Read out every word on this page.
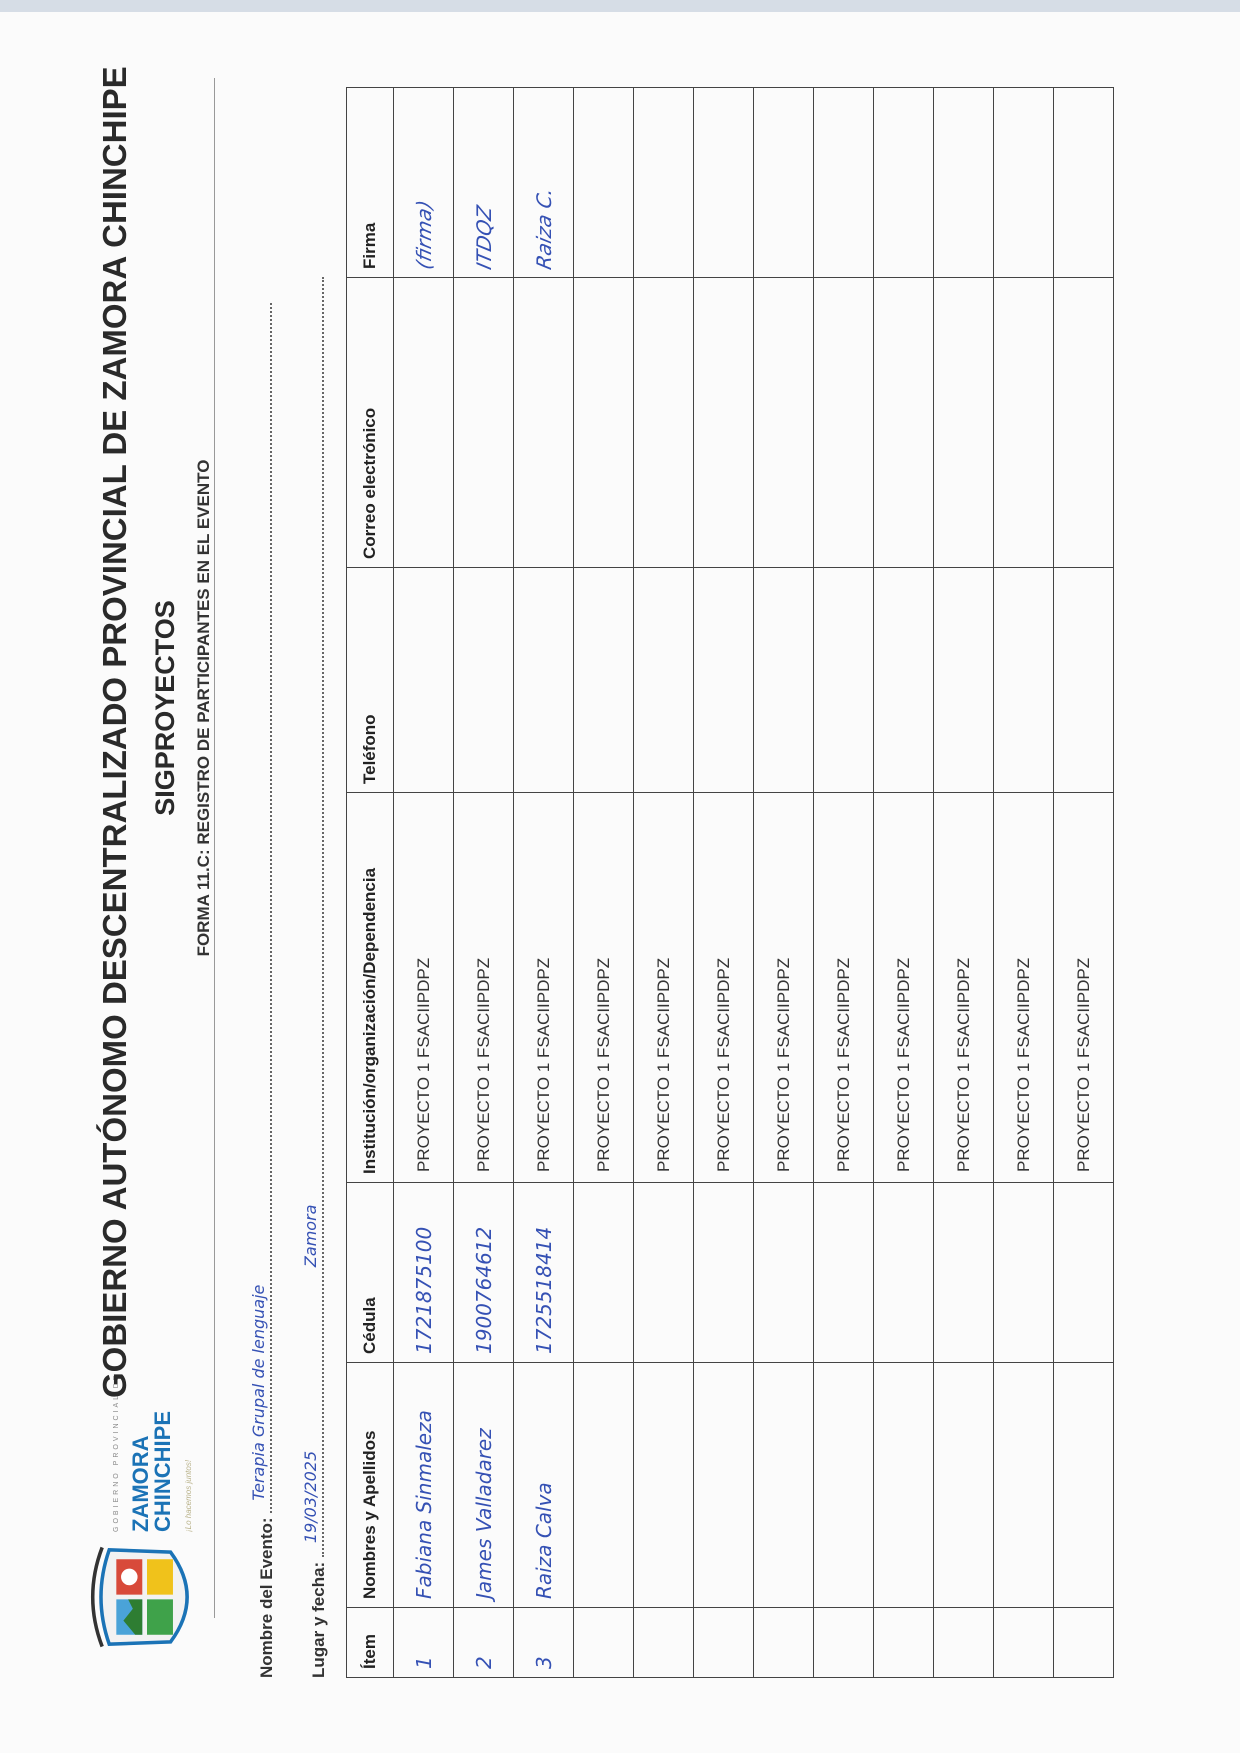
GOBIERNO PROVINCIAL DE ZAMORA
CHINCHIPE	¡Lo hacemos juntos!
GOBIERNO AUTÓNOMO DESCENTRALIZADO PROVINCIAL DE ZAMORA CHINCHIPE SIGPROYECTOS FORMA 11.C: REGISTRO DE PARTICIPANTES EN EL EVENTO
Nombre del Evento:
Terapia Grupal de lenguaje
Lugar y fecha:
19/03/2025
Zamora
Ítem	Nombres y Apellidos	Cédula	Institución/organización/Dependencia	Teléfono	Correo electrónico	Firma
1	Fabiana Sinmaleza	1721875100	PROYECTO 1 FSACIIPDPZ			(firma)
2	James Valladarez	1900764612	PROYECTO 1 FSACIIPDPZ			ITDQZ
3	Raiza Calva	1725518414	PROYECTO 1 FSACIIPDPZ			Raiza C.
			PROYECTO 1 FSACIIPDPZ			
			PROYECTO 1 FSACIIPDPZ			
			PROYECTO 1 FSACIIPDPZ			
			PROYECTO 1 FSACIIPDPZ			
			PROYECTO 1 FSACIIPDPZ			
			PROYECTO 1 FSACIIPDPZ			
			PROYECTO 1 FSACIIPDPZ			
			PROYECTO 1 FSACIIPDPZ			
			PROYECTO 1 FSACIIPDPZ			
